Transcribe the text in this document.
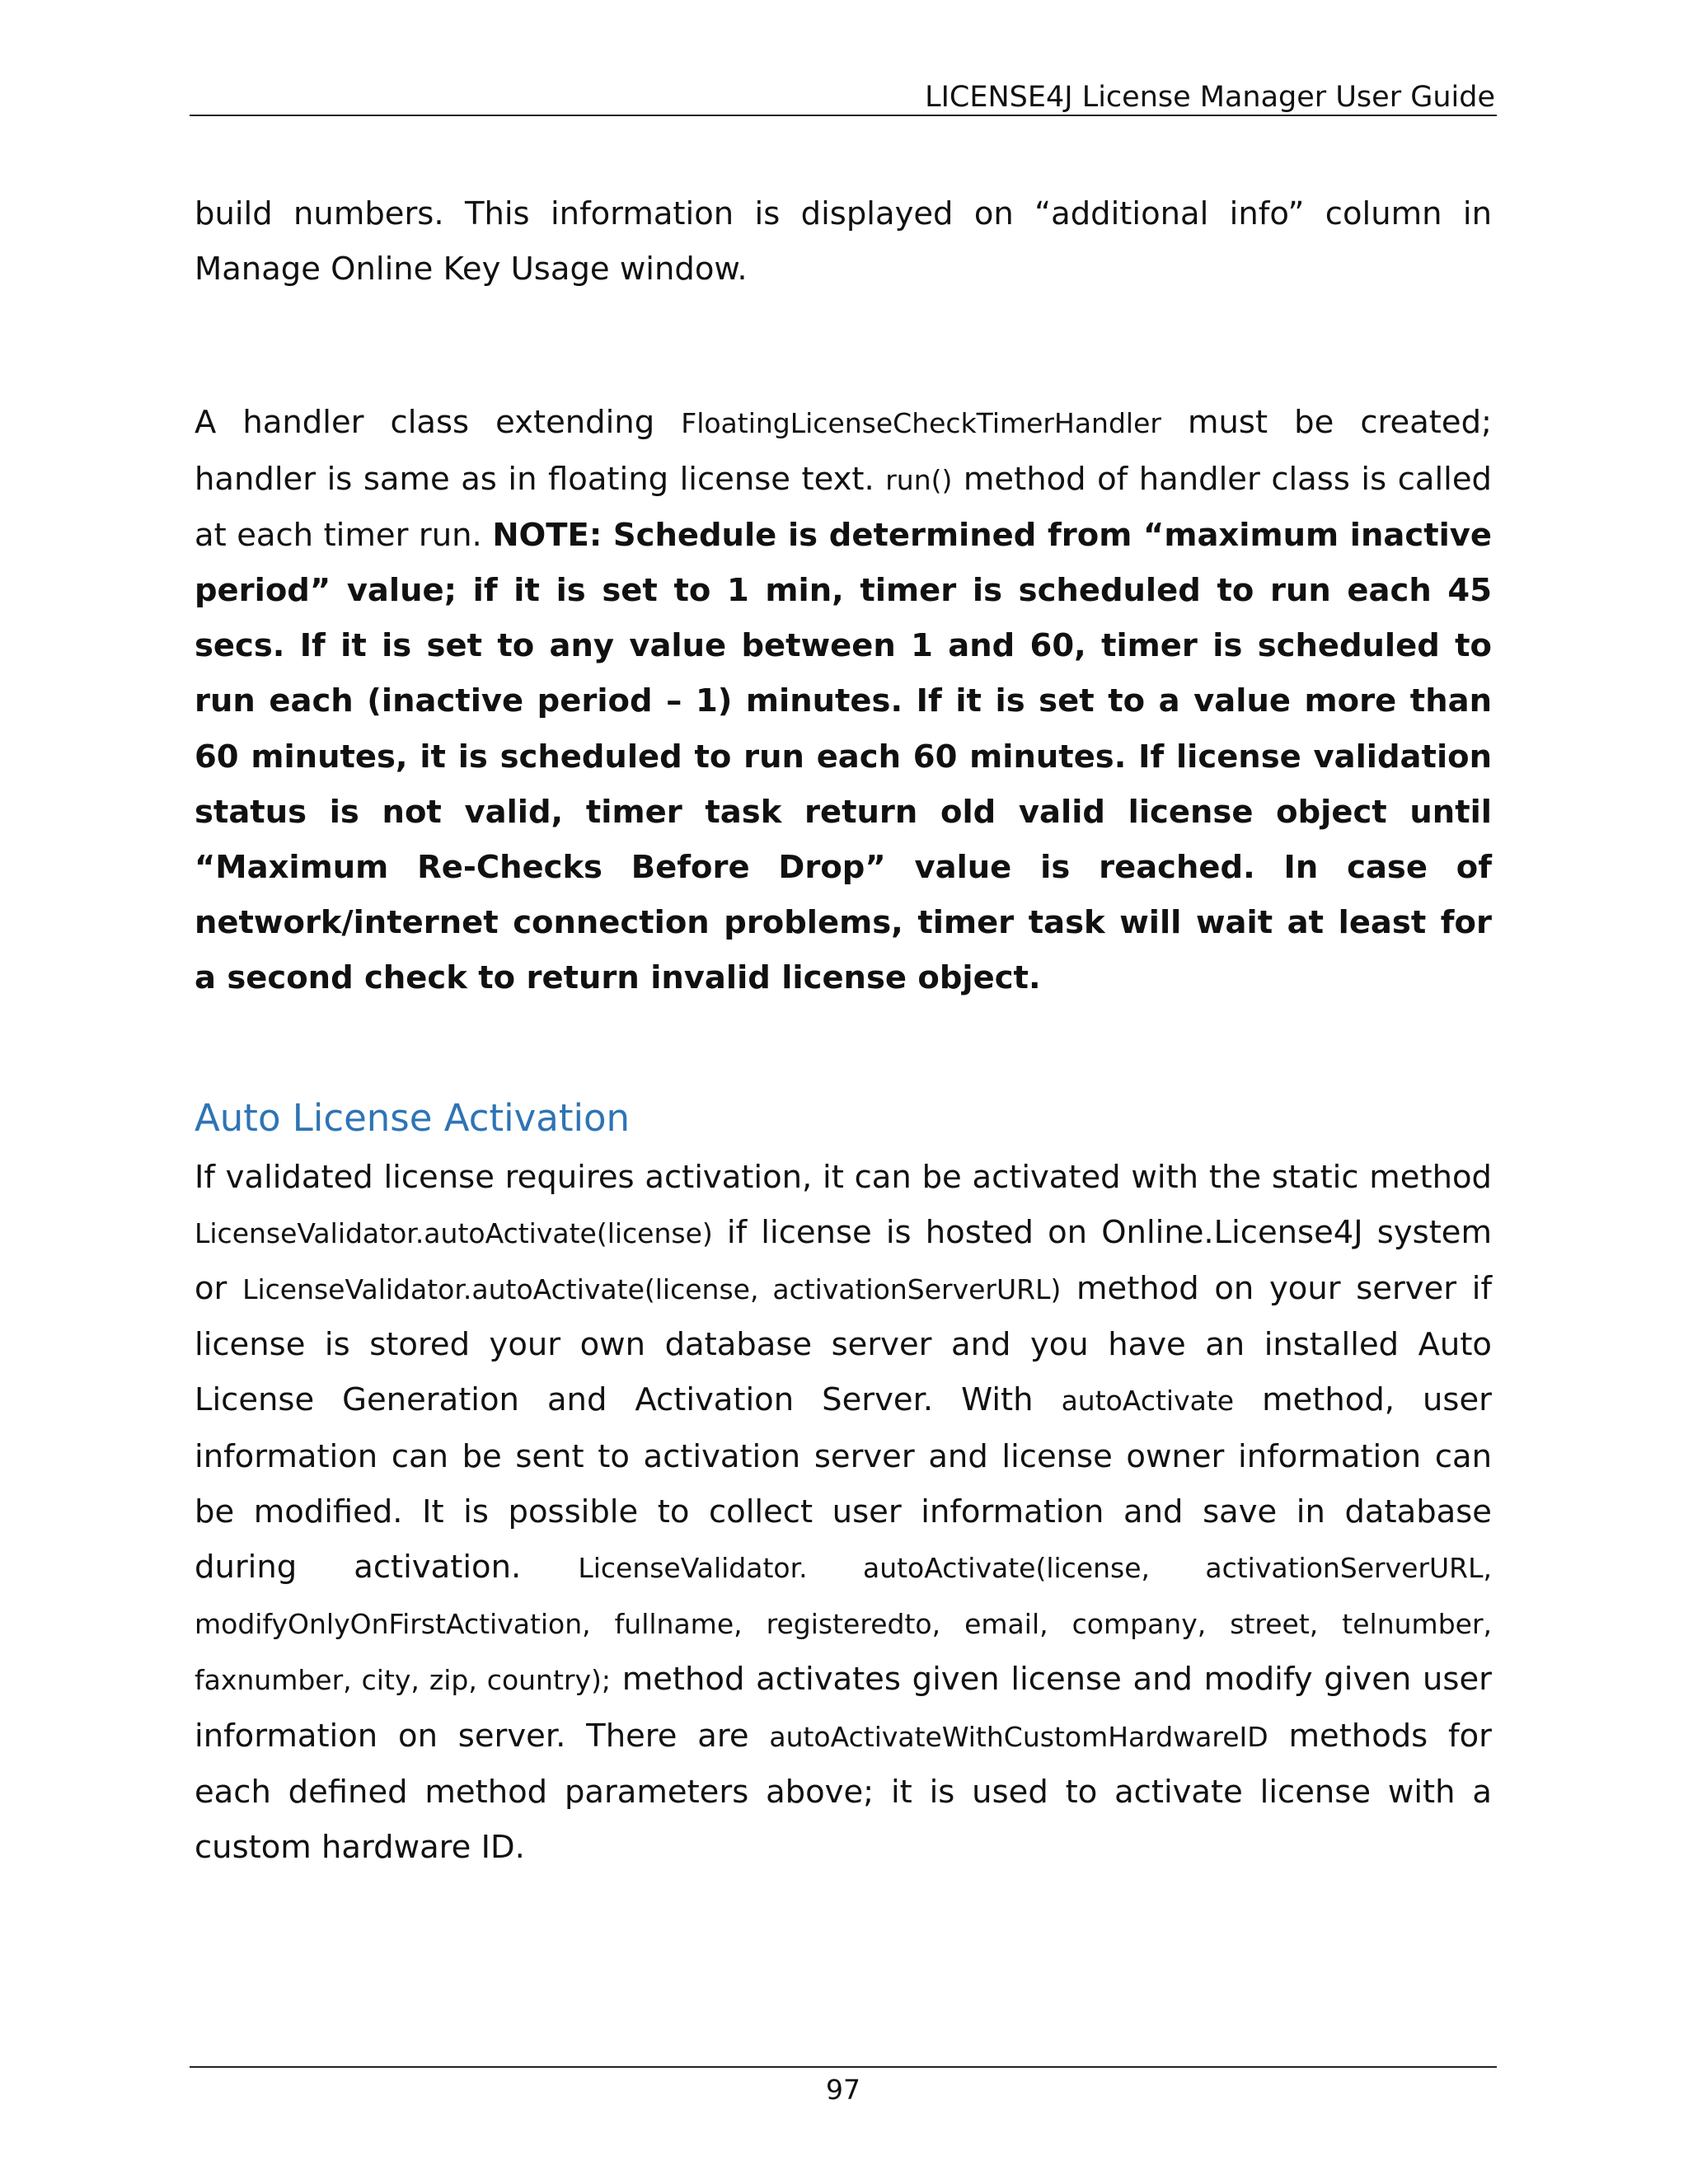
LICENSE4J License Manager User Guide

build numbers. This information is displayed on “additional info” column in Manage Online Key Usage window.

A handler class extending FloatingLicenseCheckTimerHandler must be created; handler is same as in floating license text. run() method of handler class is called at each timer run. NOTE: Schedule is determined from “maximum inactive period” value; if it is set to 1 min, timer is scheduled to run each 45 secs. If it is set to any value between 1 and 60, timer is scheduled to run each (inactive period – 1) minutes. If it is set to a value more than 60 minutes, it is scheduled to run each 60 minutes. If license validation status is not valid, timer task return old valid license object until “Maximum Re-Checks Before Drop” value is reached. In case of network/internet connection problems, timer task will wait at least for a second check to return invalid license object.

Auto License Activation

If validated license requires activation, it can be activated with the static method LicenseValidator.autoActivate(license) if license is hosted on Online.License4J system or LicenseValidator.autoActivate(license, activationServerURL) method on your server if license is stored your own database server and you have an installed Auto License Generation and Activation Server. With autoActivate method, user information can be sent to activation server and license owner information can be modified. It is possible to collect user information and save in database during activation. LicenseValidator. autoActivate(license, activationServerURL, modifyOnlyOnFirstActivation, fullname, registeredto, email, company, street, telnumber, faxnumber, city, zip, country); method activates given license and modify given user information on server. There are autoActivateWithCustomHardwareID methods for each defined method parameters above; it is used to activate license with a custom hardware ID.

97
